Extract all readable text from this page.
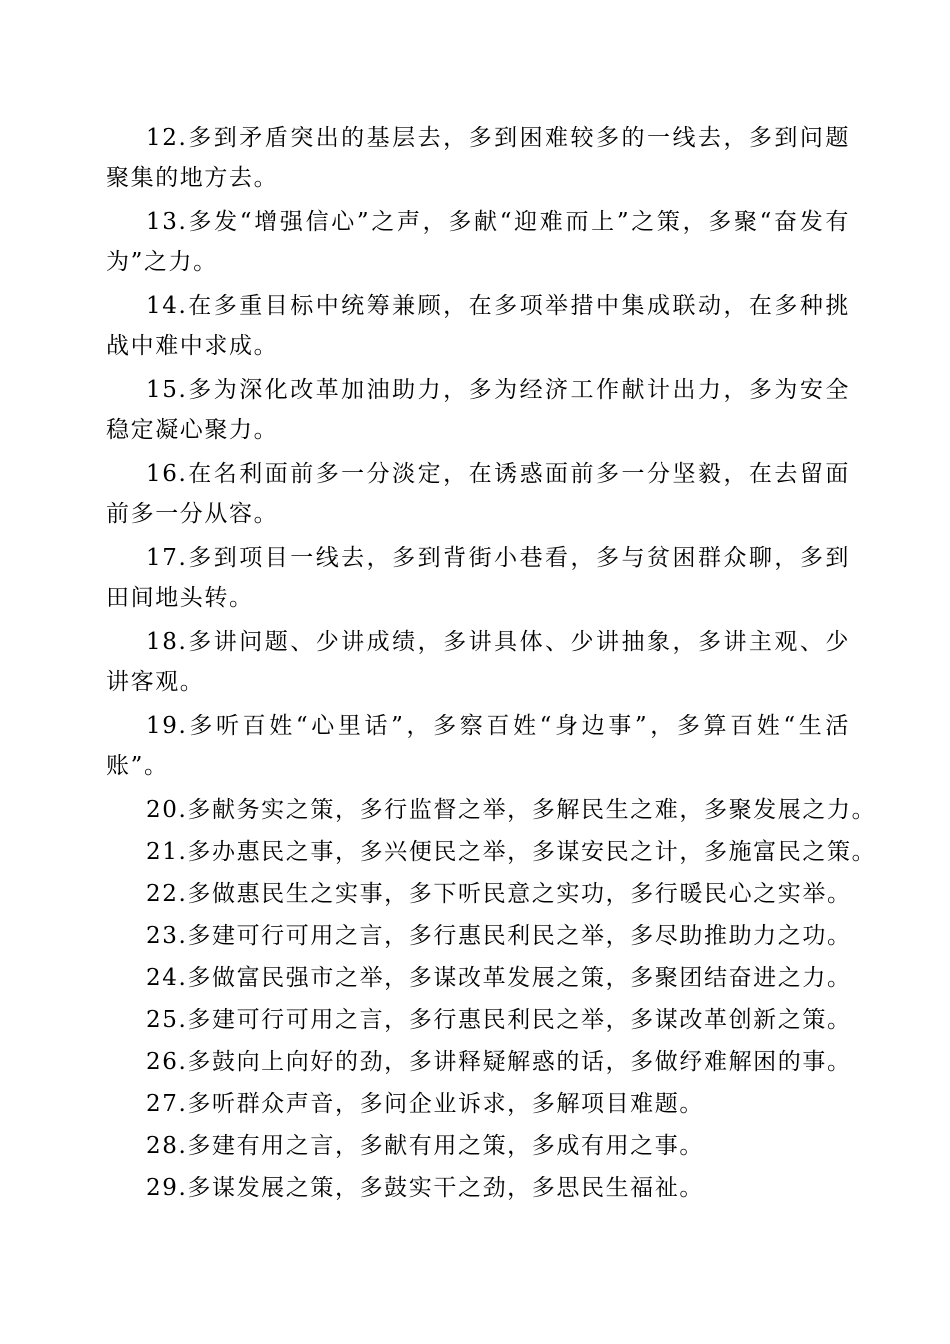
12.多到矛盾突出的基层去，多到困难较多的一线去，多到问题聚集的地方去。

13.多发“增强信心”之声，多献“迎难而上”之策，多聚“奋发有为”之力。

14.在多重目标中统筹兼顾，在多项举措中集成联动，在多种挑战中难中求成。

15.多为深化改革加油助力，多为经济工作献计出力，多为安全稳定凝心聚力。

16.在名利面前多一分淡定，在诱惑面前多一分坚毅，在去留面前多一分从容。

17.多到项目一线去，多到背街小巷看，多与贫困群众聊，多到田间地头转。

18.多讲问题、少讲成绩，多讲具体、少讲抽象，多讲主观、少讲客观。

19.多听百姓“心里话”，多察百姓“身边事”，多算百姓“生活账”。

20.多献务实之策，多行监督之举，多解民生之难，多聚发展之力。

21.多办惠民之事，多兴便民之举，多谋安民之计，多施富民之策。

22.多做惠民生之实事，多下听民意之实功，多行暖民心之实举。

23.多建可行可用之言，多行惠民利民之举，多尽助推助力之功。

24.多做富民强市之举，多谋改革发展之策，多聚团结奋进之力。

25.多建可行可用之言，多行惠民利民之举，多谋改革创新之策。

26.多鼓向上向好的劲，多讲释疑解惑的话，多做纾难解困的事。

27.多听群众声音，多问企业诉求，多解项目难题。

28.多建有用之言，多献有用之策，多成有用之事。

29.多谋发展之策，多鼓实干之劲，多思民生福祉。
